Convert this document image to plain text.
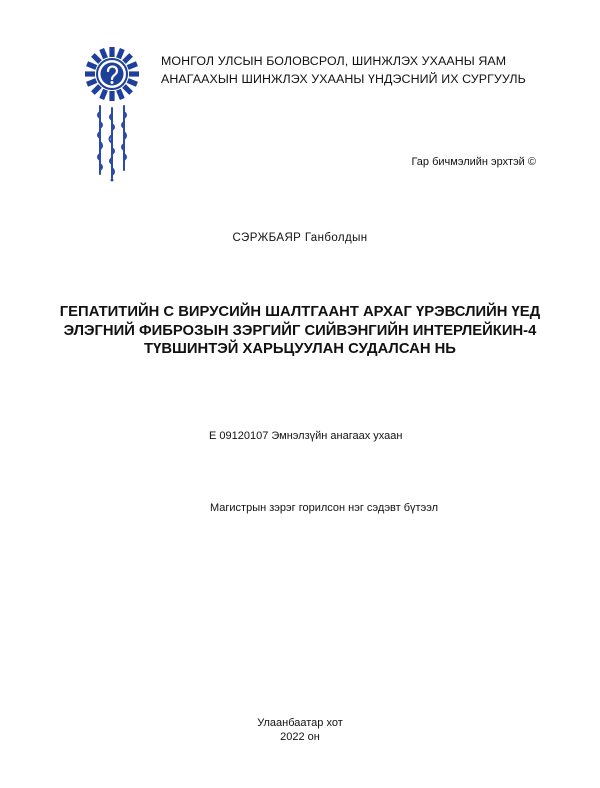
МОНГОЛ УЛСЫН БОЛОВСРОЛ, ШИНЖЛЭХ УХААНЫ ЯАМ
АНАГААХЫН ШИНЖЛЭХ УХААНЫ ҮНДЭСНИЙ ИХ СУРГУУЛЬ
Гар бичмэлийн эрхтэй ©
СЭРЖБАЯР Ганболдын
ГЕПАТИТИЙН С ВИРУСИЙН ШАЛТГААНТ АРХАГ ҮРЭВСЛИЙН ҮЕД
ЭЛЭГНИЙ ФИБРОЗЫН ЗЭРГИЙГ СИЙВЭНГИЙН ИНТЕРЛЕЙКИН-4
ТҮВШИНТЭЙ ХАРЬЦУУЛАН СУДАЛСАН НЬ
E 09120107 Эмнэлзүйн анагаах ухаан
Магистрын зэрэг горилсон нэг сэдэвт бүтээл
Улаанбаатар хот
2022 он
